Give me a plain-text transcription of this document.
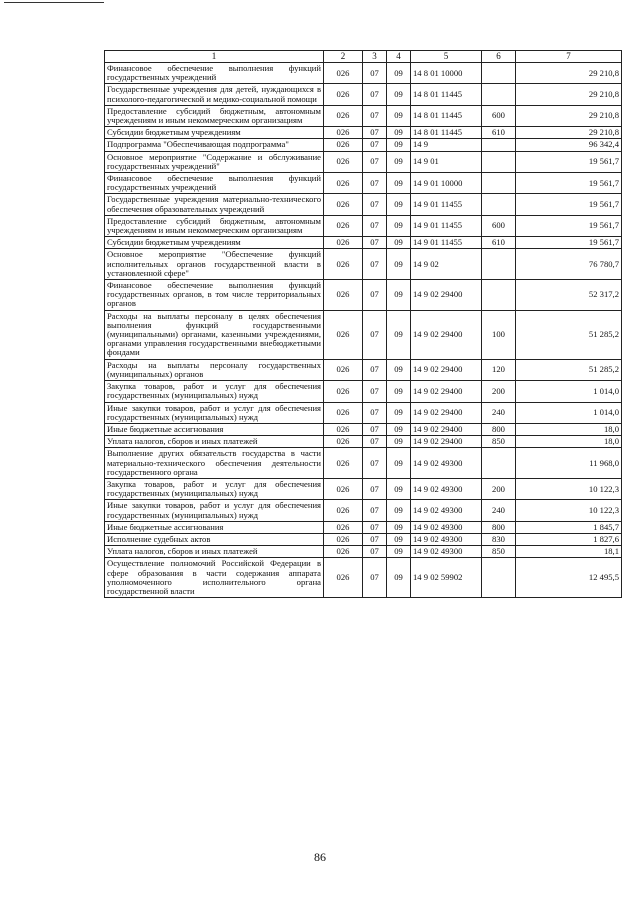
1	2	3	4	5	6	7
Финансовое обеспечение выполнения функций государственных учреждений	026	07	09	14 8 01 10000		29 210,8
Государственные учреждения для детей, нуждающихся в психолого-педагогической и медико-социальной помощи	026	07	09	14 8 01 11445		29 210,8
Предоставление субсидий бюджетным, автономным учреждениям и иным некоммерческим организациям	026	07	09	14 8 01 11445	600	29 210,8
Субсидии бюджетным учреждениям	026	07	09	14 8 01 11445	610	29 210,8
Подпрограмма "Обеспечивающая подпрограмма"	026	07	09	14 9		96 342,4
Основное мероприятие "Содержание и обслуживание государственных учреждений"	026	07	09	14 9 01		19 561,7
Финансовое обеспечение выполнения функций государственных учреждений	026	07	09	14 9 01 10000		19 561,7
Государственные учреждения материально-технического обеспечения образовательных учреждений	026	07	09	14 9 01 11455		19 561,7
Предоставление субсидий бюджетным, автономным учреждениям и иным некоммерческим организациям	026	07	09	14 9 01 11455	600	19 561,7
Субсидии бюджетным учреждениям	026	07	09	14 9 01 11455	610	19 561,7
Основное мероприятие "Обеспечение функций исполнительных органов государственной власти в установленной сфере"	026	07	09	14 9 02		76 780,7
Финансовое обеспечение выполнения функций государственных органов, в том числе территориальных органов	026	07	09	14 9 02 29400		52 317,2
Расходы на выплаты персоналу в целях обеспечения выполнения функций государственными (муниципальными) органами, казенными учреждениями, органами управления государственными внебюджетными фондами	026	07	09	14 9 02 29400	100	51 285,2
Расходы на выплаты персоналу государственных (муниципальных) органов	026	07	09	14 9 02 29400	120	51 285,2
Закупка товаров, работ и услуг для обеспечения государственных (муниципальных) нужд	026	07	09	14 9 02 29400	200	1 014,0
Иные закупки товаров, работ и услуг для обеспечения государственных (муниципальных) нужд	026	07	09	14 9 02 29400	240	1 014,0
Иные бюджетные ассигнования	026	07	09	14 9 02 29400	800	18,0
Уплата налогов, сборов и иных платежей	026	07	09	14 9 02 29400	850	18,0
Выполнение других обязательств государства в части материально-технического обеспечения деятельности государственного органа	026	07	09	14 9 02 49300		11 968,0
Закупка товаров, работ и услуг для обеспечения государственных (муниципальных) нужд	026	07	09	14 9 02 49300	200	10 122,3
Иные закупки товаров, работ и услуг для обеспечения государственных (муниципальных) нужд	026	07	09	14 9 02 49300	240	10 122,3
Иные бюджетные ассигнования	026	07	09	14 9 02 49300	800	1 845,7
Исполнение судебных актов	026	07	09	14 9 02 49300	830	1 827,6
Уплата налогов, сборов и иных платежей	026	07	09	14 9 02 49300	850	18,1
Осуществление полномочий Российской Федерации в сфере образования в части содержания аппарата уполномоченного исполнительного органа государственной власти	026	07	09	14 9 02 59902		12 495,5
86
